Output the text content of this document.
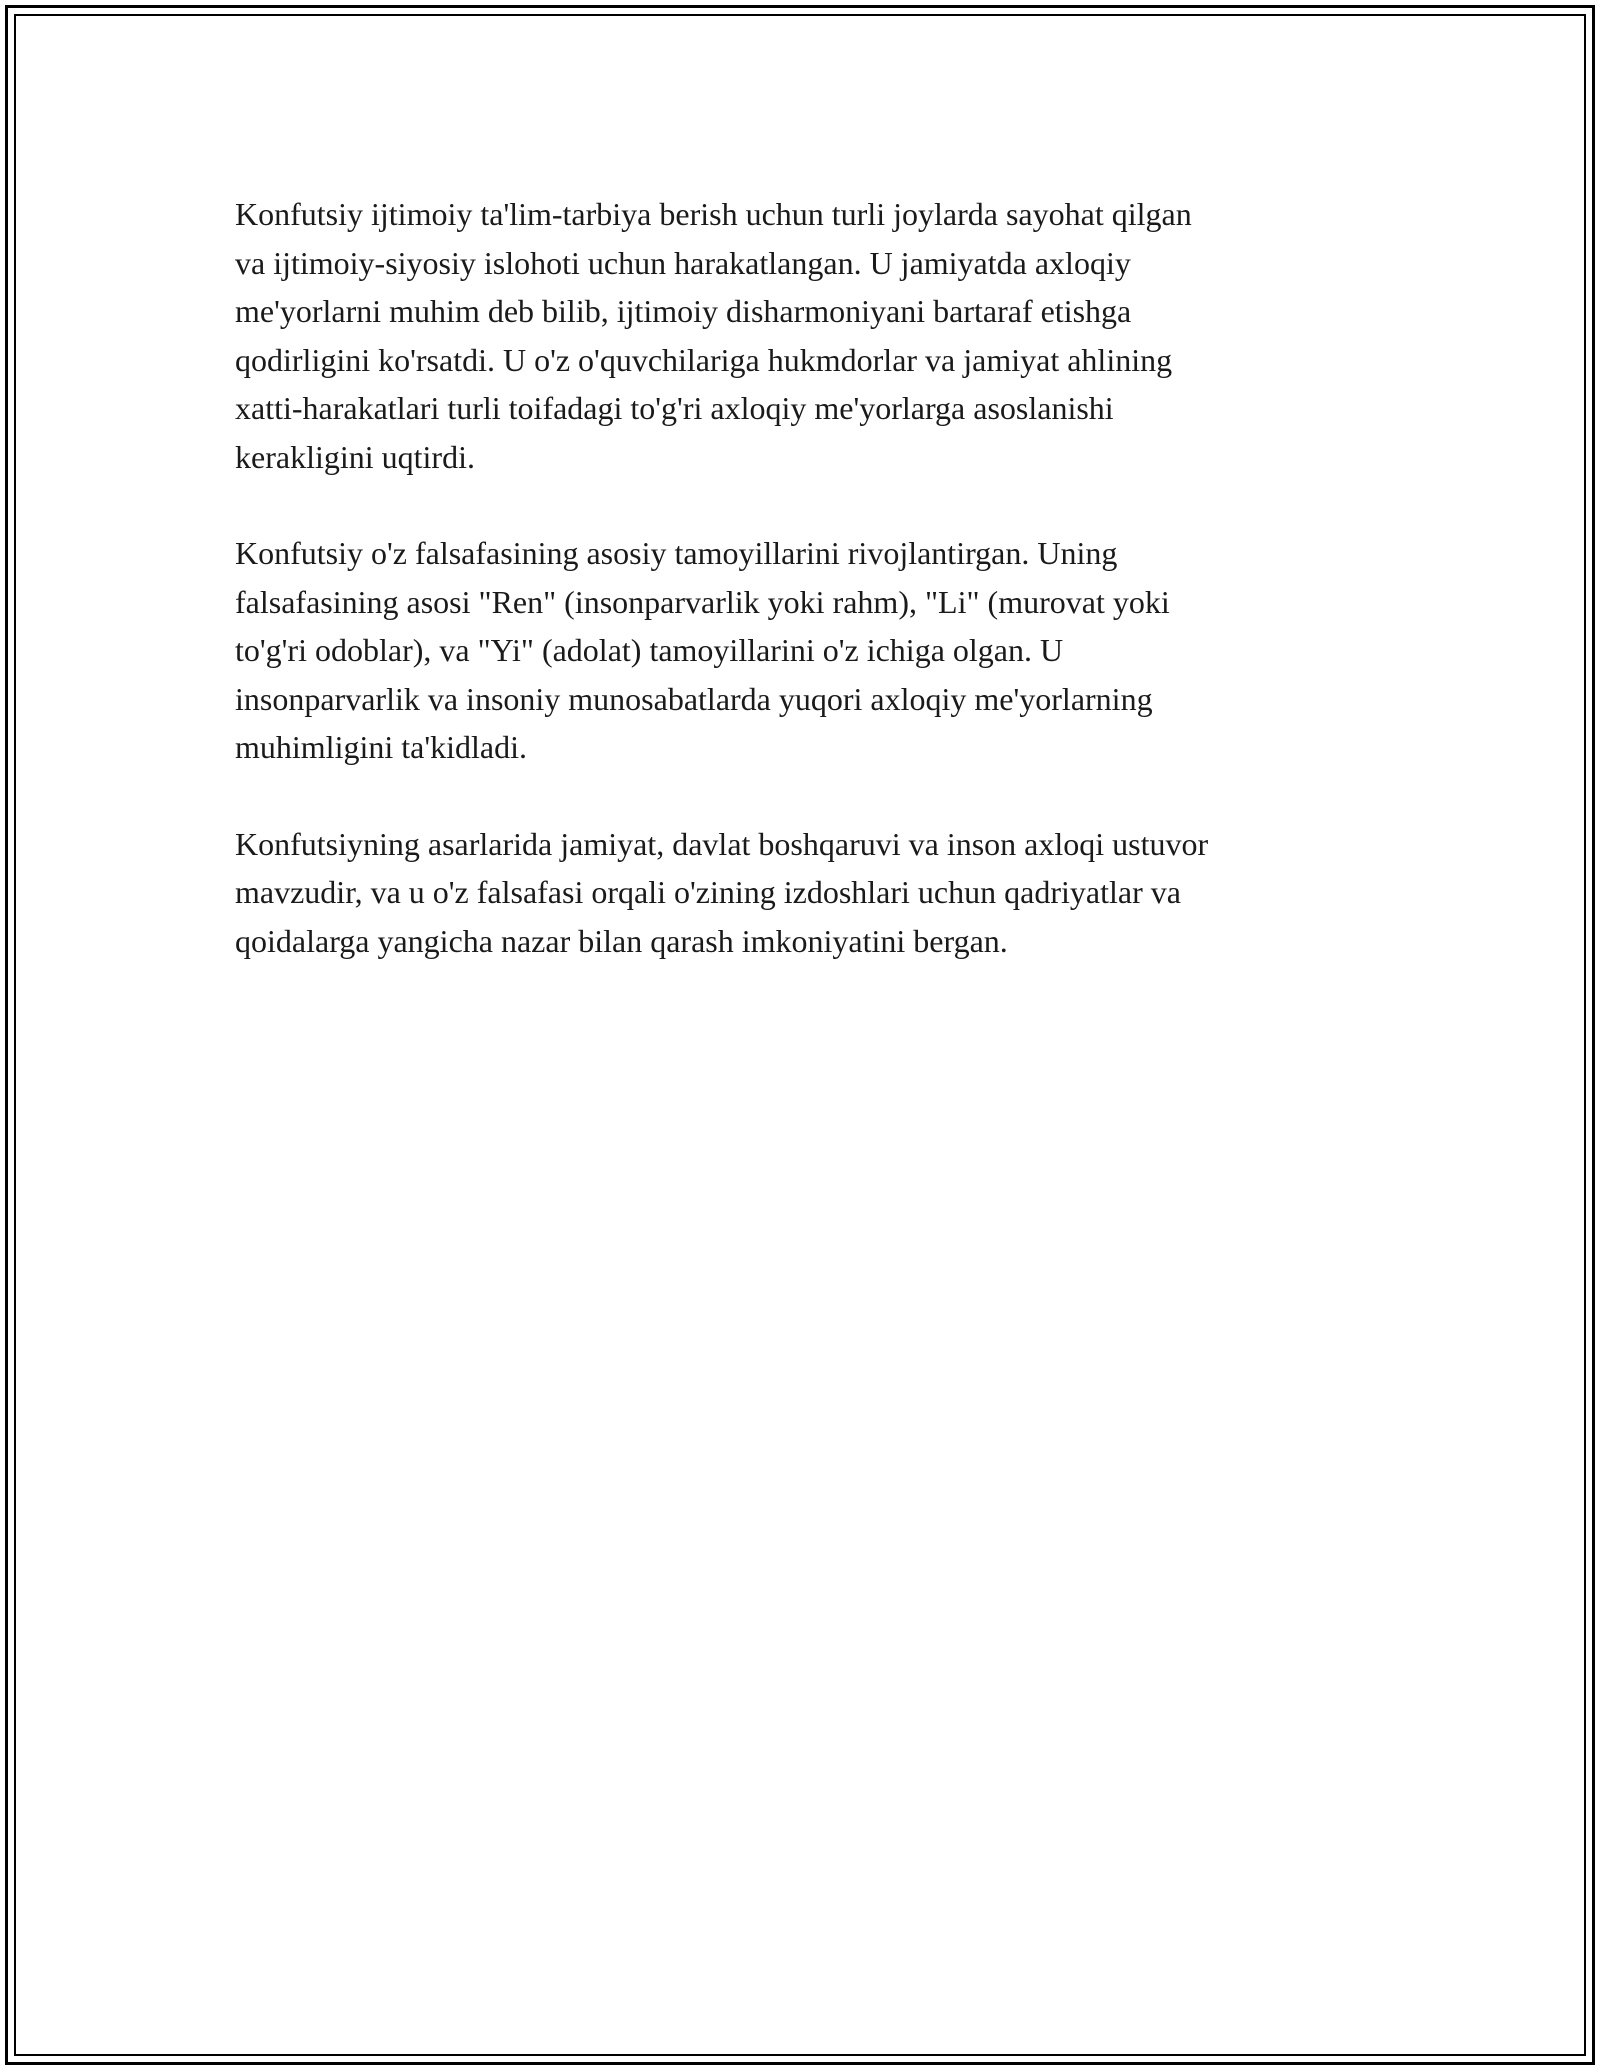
Konfutsiy ijtimoiy ta'lim-tarbiya berish uchun turli joylarda sayohat qilgan
va ijtimoiy-siyosiy islohoti uchun harakatlangan. U jamiyatda axloqiy
me'yorlarni muhim deb bilib, ijtimoiy disharmoniyani bartaraf etishga
qodirligini ko'rsatdi. U o'z o'quvchilariga hukmdorlar va jamiyat ahlining
xatti-harakatlari turli toifadagi to'g'ri axloqiy me'yorlarga asoslanishi
kerakligini uqtirdi.

Konfutsiy o'z falsafasining asosiy tamoyillarini rivojlantirgan. Uning
falsafasining asosi "Ren" (insonparvarlik yoki rahm), "Li" (murovat yoki
to'g'ri odoblar), va "Yi" (adolat) tamoyillarini o'z ichiga olgan. U
insonparvarlik va insoniy munosabatlarda yuqori axloqiy me'yorlarning
muhimligini ta'kidladi.

Konfutsiyning asarlarida jamiyat, davlat boshqaruvi va inson axloqi ustuvor
mavzudir, va u o'z falsafasi orqali o'zining izdoshlari uchun qadriyatlar va
qoidalarga yangicha nazar bilan qarash imkoniyatini bergan.
